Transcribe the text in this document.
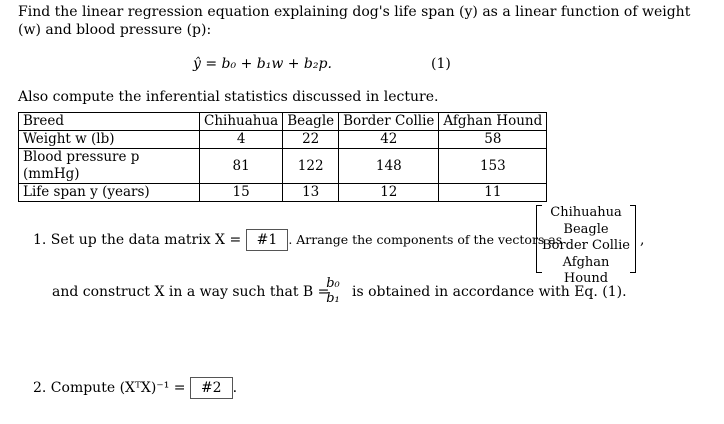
Find the linear regression equation explaining dog's life span (y) as a linear function of weight
(w) and blood pressure (p):
ŷ = b₀ + b₁w + b₂p.	(1)
Also compute the inferential statistics discussed in lecture.
Breed	Chihuahua	Beagle	Border Collie	Afghan Hound
Weight w (lb)	4	22	42	58
Blood pressure p (mmHg)	81	122	148	153
Life span y (years)	15	13	12	11
1. Set up the data matrix X = #1 . Arrange the components of the vectors as
Chihuahua
Beagle
Border Collie
Afghan Hound
,
and construct X in a way such that B =
b₀
b₁ is obtained in accordance with Eq. (1).
2. Compute (XᵀX)⁻¹ = #2 .
